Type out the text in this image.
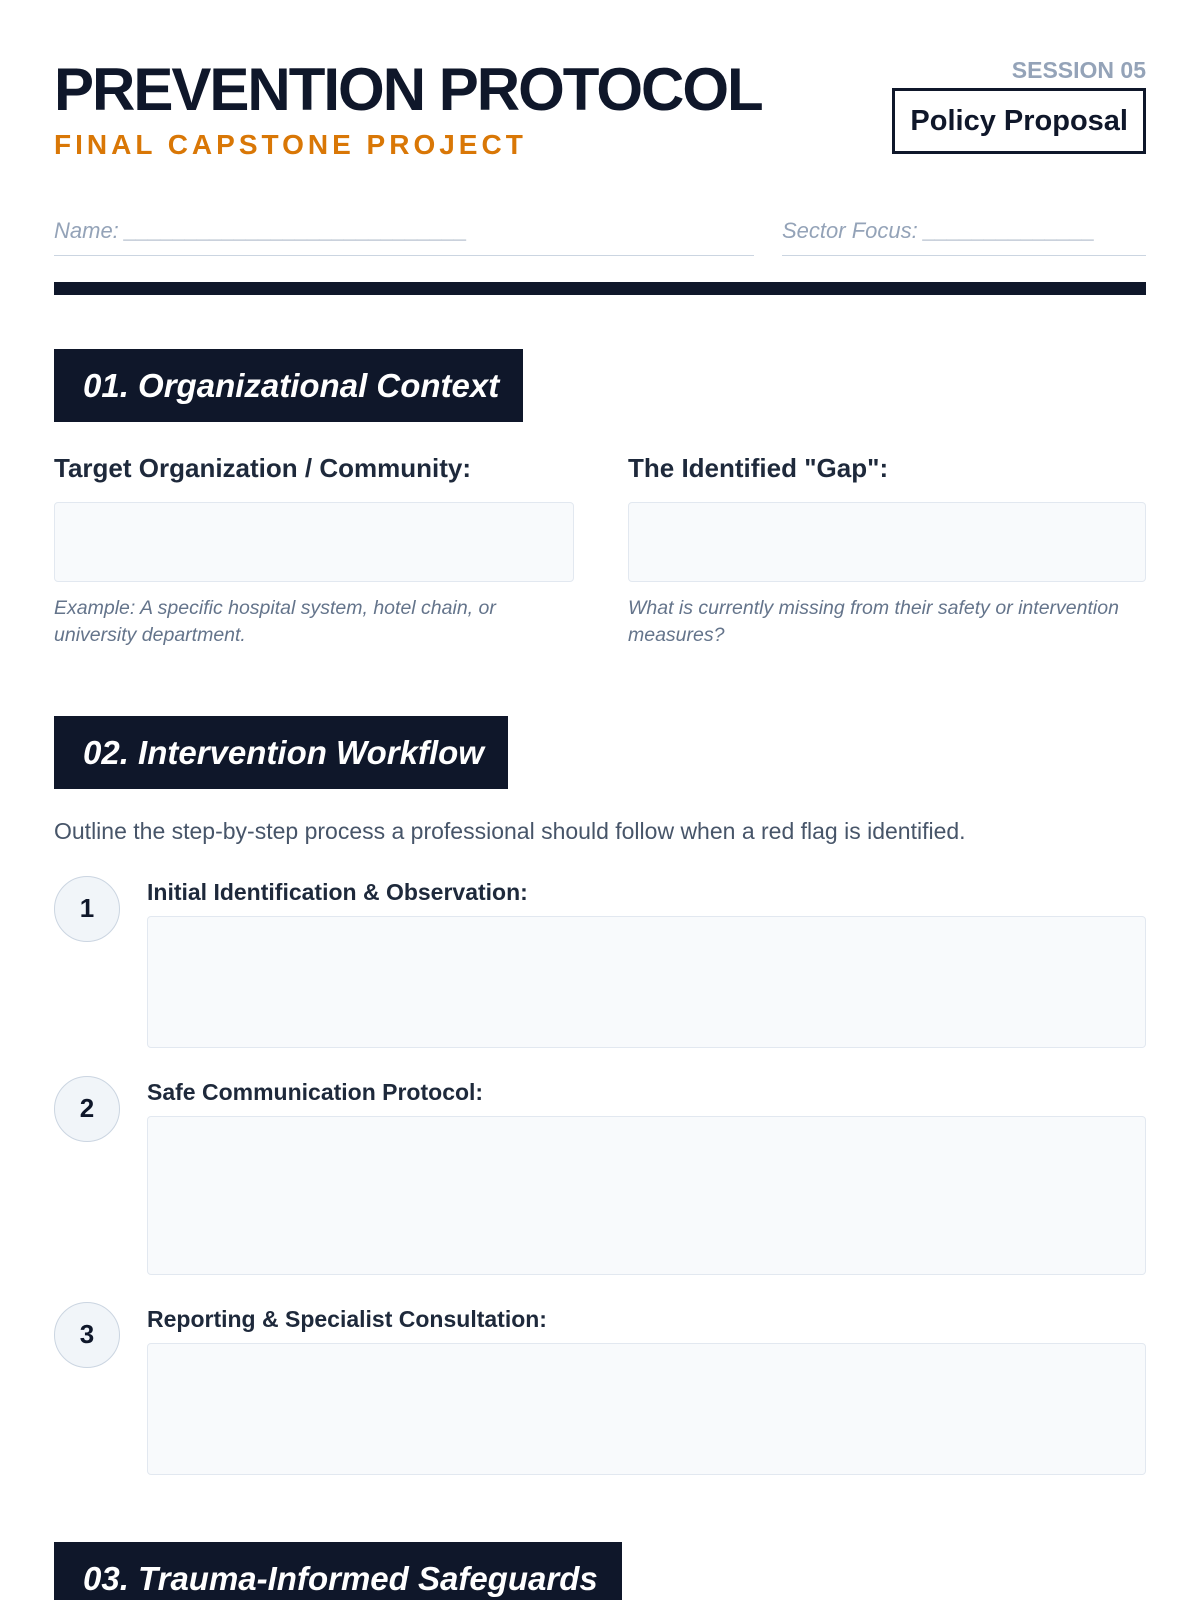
PREVENTION PROTOCOL
FINAL CAPSTONE PROJECT
SESSION 05
Policy Proposal
Name: ____________________________	Sector Focus: ______________
01. Organizational Context
Target Organization / Community:
Example: A specific hospital system, hotel chain, or university department.
The Identified "Gap":
What is currently missing from their safety or intervention measures?
02. Intervention Workflow
Outline the step-by-step process a professional should follow when a red flag is identified.
1
Initial Identification & Observation:
2
Safe Communication Protocol:
3	Reporting & Specialist Consultation:
03. Trauma-Informed Safeguards
